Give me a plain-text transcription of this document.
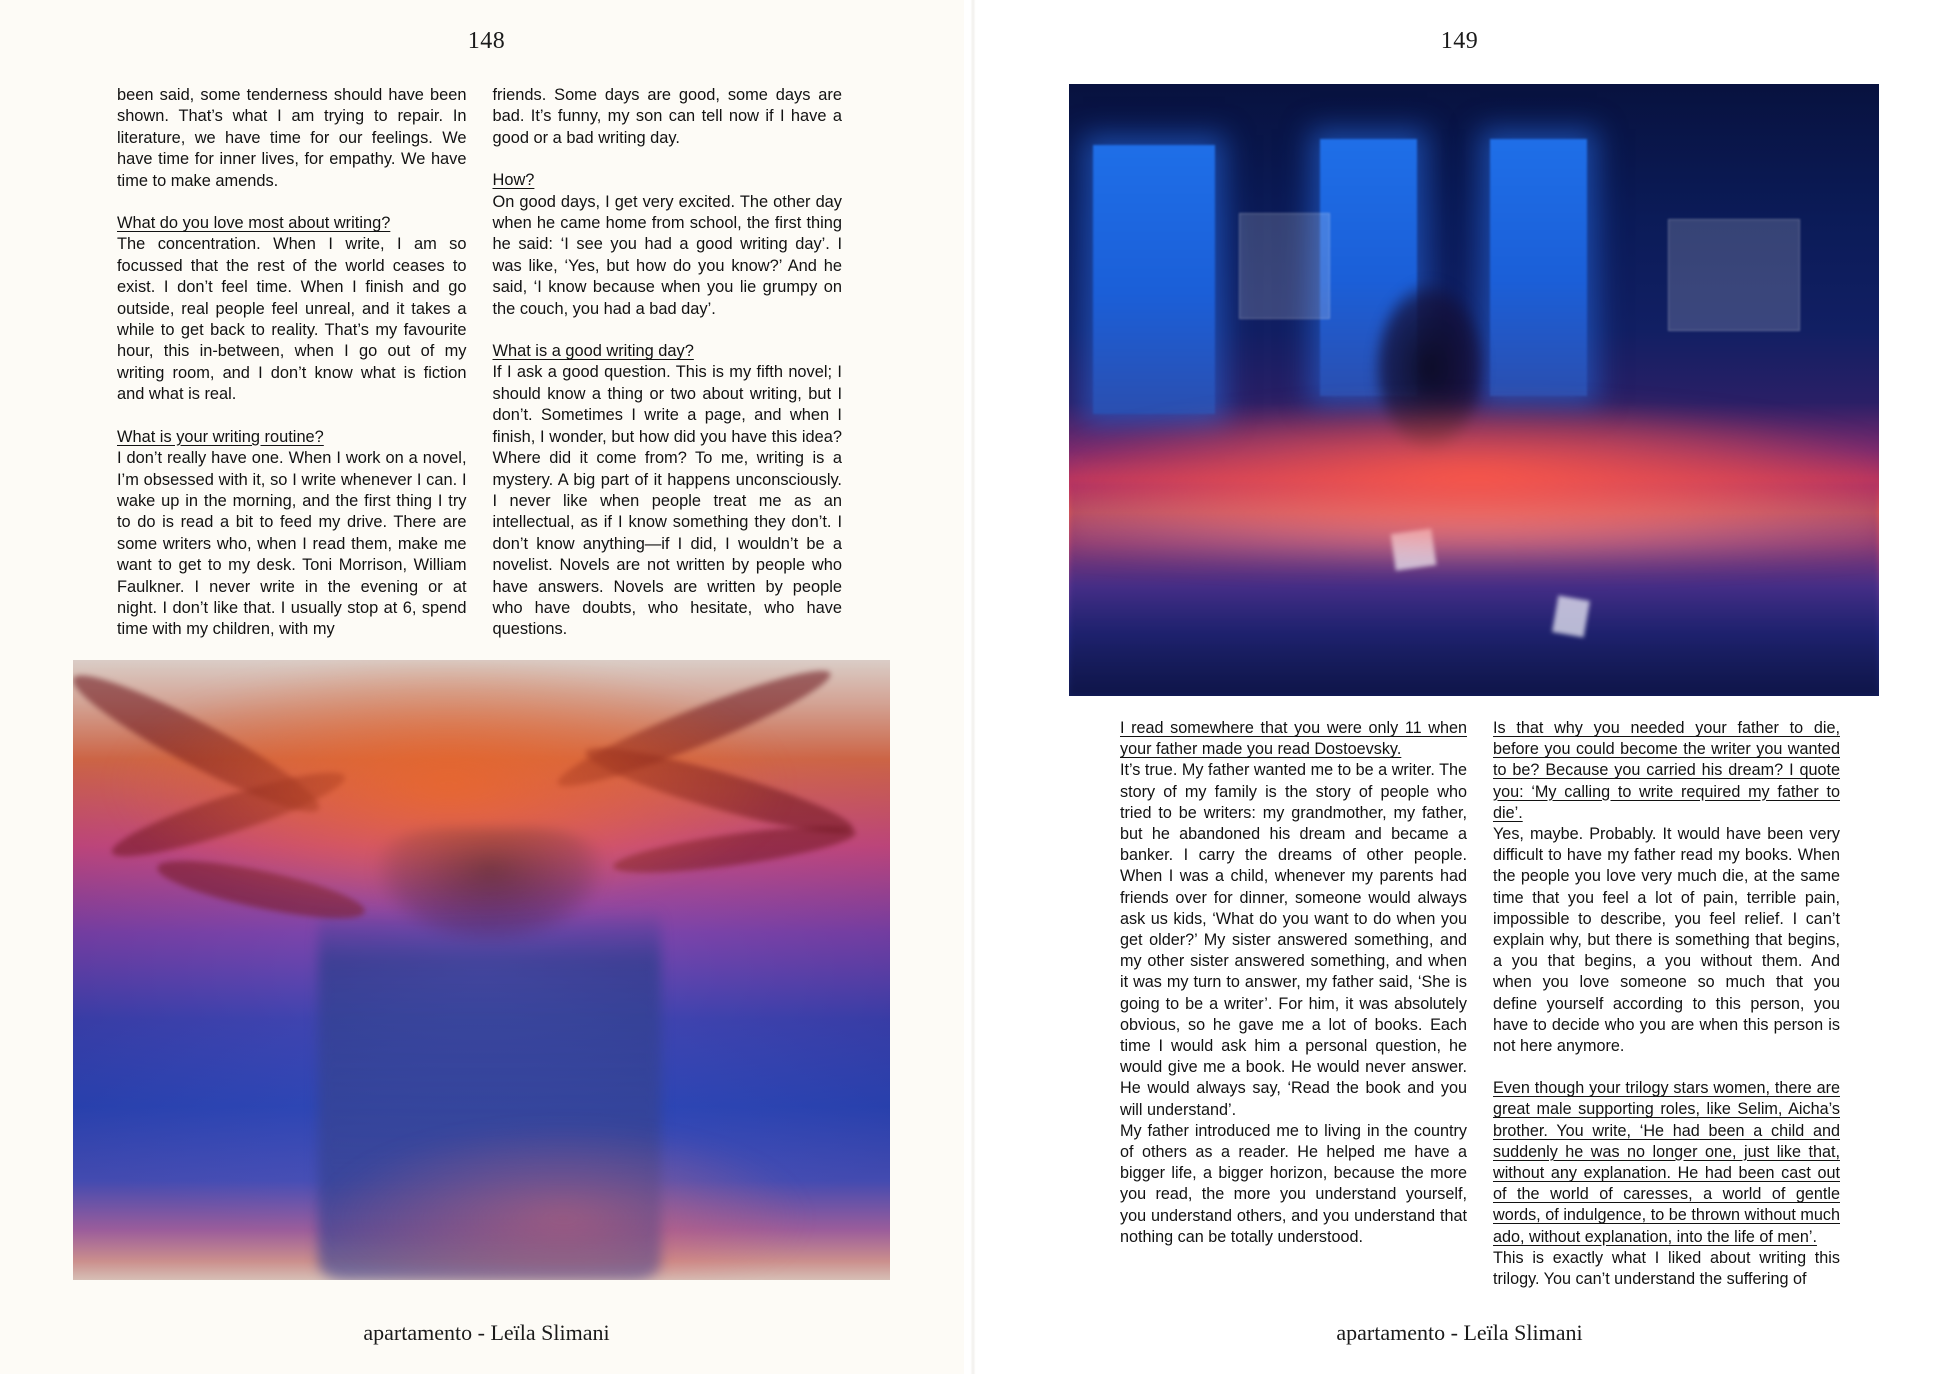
148

been said, some tenderness should have been shown. That’s what I am trying to repair. In literature, we have time for our feelings. We have time for inner lives, for empathy. We have time to make amends.

What do you love most about writing?

The concentration. When I write, I am so focussed that the rest of the world ceases to exist. I don’t feel time. When I finish and go outside, real people feel unreal, and it takes a while to get back to reality. That’s my favourite hour, this in-between, when I go out of my writing room, and I don’t know what is fiction and what is real.

What is your writing routine?

I don’t really have one. When I work on a novel, I’m obsessed with it, so I write whenever I can. I wake up in the morning, and the first thing I try to do is read a bit to feed my drive. There are some writers who, when I read them, make me want to get to my desk. Toni Morrison, William Faulkner. I never write in the evening or at night. I don’t like that. I usually stop at 6, spend time with my children, with my

friends. Some days are good, some days are bad. It’s funny, my son can tell now if I have a good or a bad writing day.

How?

On good days, I get very excited. The other day when he came home from school, the first thing he said: ‘I see you had a good writing day’. I was like, ‘Yes, but how do you know?’ And he said, ‘I know because when you lie grumpy on the couch, you had a bad day’.

What is a good writing day?

If I ask a good question. This is my fifth novel; I should know a thing or two about writing, but I don’t. Sometimes I write a page, and when I finish, I wonder, but how did you have this idea? Where did it come from? To me, writing is a mystery. A big part of it happens unconsciously. I never like when people treat me as an intellectual, as if I know something they don’t. I don’t know anything—if I did, I wouldn’t be a novelist. Novels are not written by people who have answers. Novels are written by people who have doubts, who hesitate, who have questions.

apartamento - Leïla Slimani
149
apartamento - Leïla Slimani

I read somewhere that you were only 11 when your father made you read Dostoevsky.

It’s true. My father wanted me to be a writer. The story of my family is the story of people who tried to be writers: my grandmother, my father, but he abandoned his dream and became a banker. I carry the dreams of other people. When I was a child, whenever my parents had friends over for dinner, someone would always ask us kids, ‘What do you want to do when you get older?’ My sister answered something, and my other sister answered something, and when it was my turn to answer, my father said, ‘She is going to be a writer’. For him, it was absolutely obvious, so he gave me a lot of books. Each time I would ask him a personal question, he would give me a book. He would never answer. He would always say, ‘Read the book and you will understand’.

My father introduced me to living in the country of others as a reader. He helped me have a bigger life, a bigger horizon, because the more you read, the more you understand yourself, you understand others, and you understand that nothing can be totally understood.

Is that why you needed your father to die, before you could become the writer you wanted to be? Because you carried his dream? I quote you: ‘My calling to write required my father to die’.

Yes, maybe. Probably. It would have been very difficult to have my father read my books. When the people you love very much die, at the same time that you feel a lot of pain, terrible pain, impossible to describe, you feel relief. I can’t explain why, but there is something that begins, a you that begins, a you without them. And when you love someone so much that you define yourself according to this person, you have to decide who you are when this person is not here anymore.

Even though your trilogy stars women, there are great male supporting roles, like Selim, Aicha’s brother. You write, ‘He had been a child and suddenly he was no longer one, just like that, without any explanation. He had been cast out of the world of caresses, a world of gentle words, of indulgence, to be thrown without much ado, without explanation, into the life of men’.

This is exactly what I liked about writing this trilogy. You can’t understand the suffering of
